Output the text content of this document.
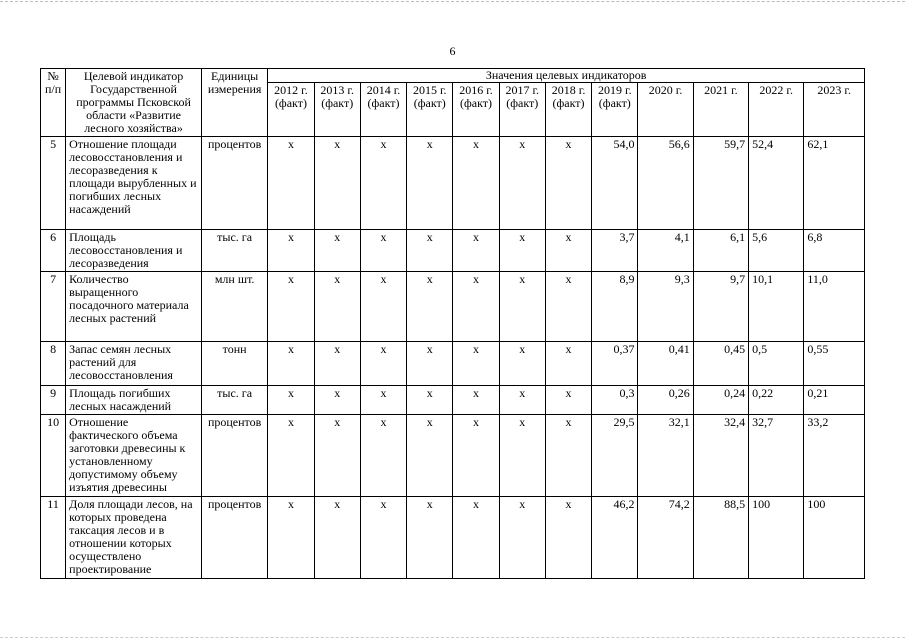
6
№ п/п	Целевой индикатор Государственной программы Псковской области «Развитие лесного хозяйства»	Единицы измерения	Значения целевых индикаторов											
			2012 г. (факт)	2013 г. (факт)	2014 г. (факт)	2015 г. (факт)	2016 г. (факт)	2017 г. (факт)	2018 г. (факт)	2019 г. (факт)	2020 г.	2021 г.	2022 г.	2023 г.
5	Отношение площади лесовосстановления и лесоразведения к площади вырубленных и погибших лесных насаждений	процентов	x	x	x	x	x	x	x	54,0	56,6	59,7	52,4	62,1
6	Площадь лесовосстановления и лесоразведения	тыс. га	x	x	x	x	x	x	x	3,7	4,1	6,1	5,6	6,8
7	Количество выращенного посадочного материала лесных растений	млн шт.	x	x	x	x	x	x	x	8,9	9,3	9,7	10,1	11,0
8	Запас семян лесных растений для лесовосстановления	тонн	x	x	x	x	x	x	x	0,37	0,41	0,45	0,5	0,55
9	Площадь погибших лесных насаждений	тыс. га	x	x	x	x	x	x	x	0,3	0,26	0,24	0,22	0,21
10	Отношение фактического объема заготовки древесины к установленному допустимому объему изъятия древесины	процентов	x	x	x	x	x	x	x	29,5	32,1	32,4	32,7	33,2
11	Доля площади лесов, на которых проведена таксация лесов и в отношении которых осуществлено проектирование	процентов	x	x	x	x	x	x	x	46,2	74,2	88,5	100	100
